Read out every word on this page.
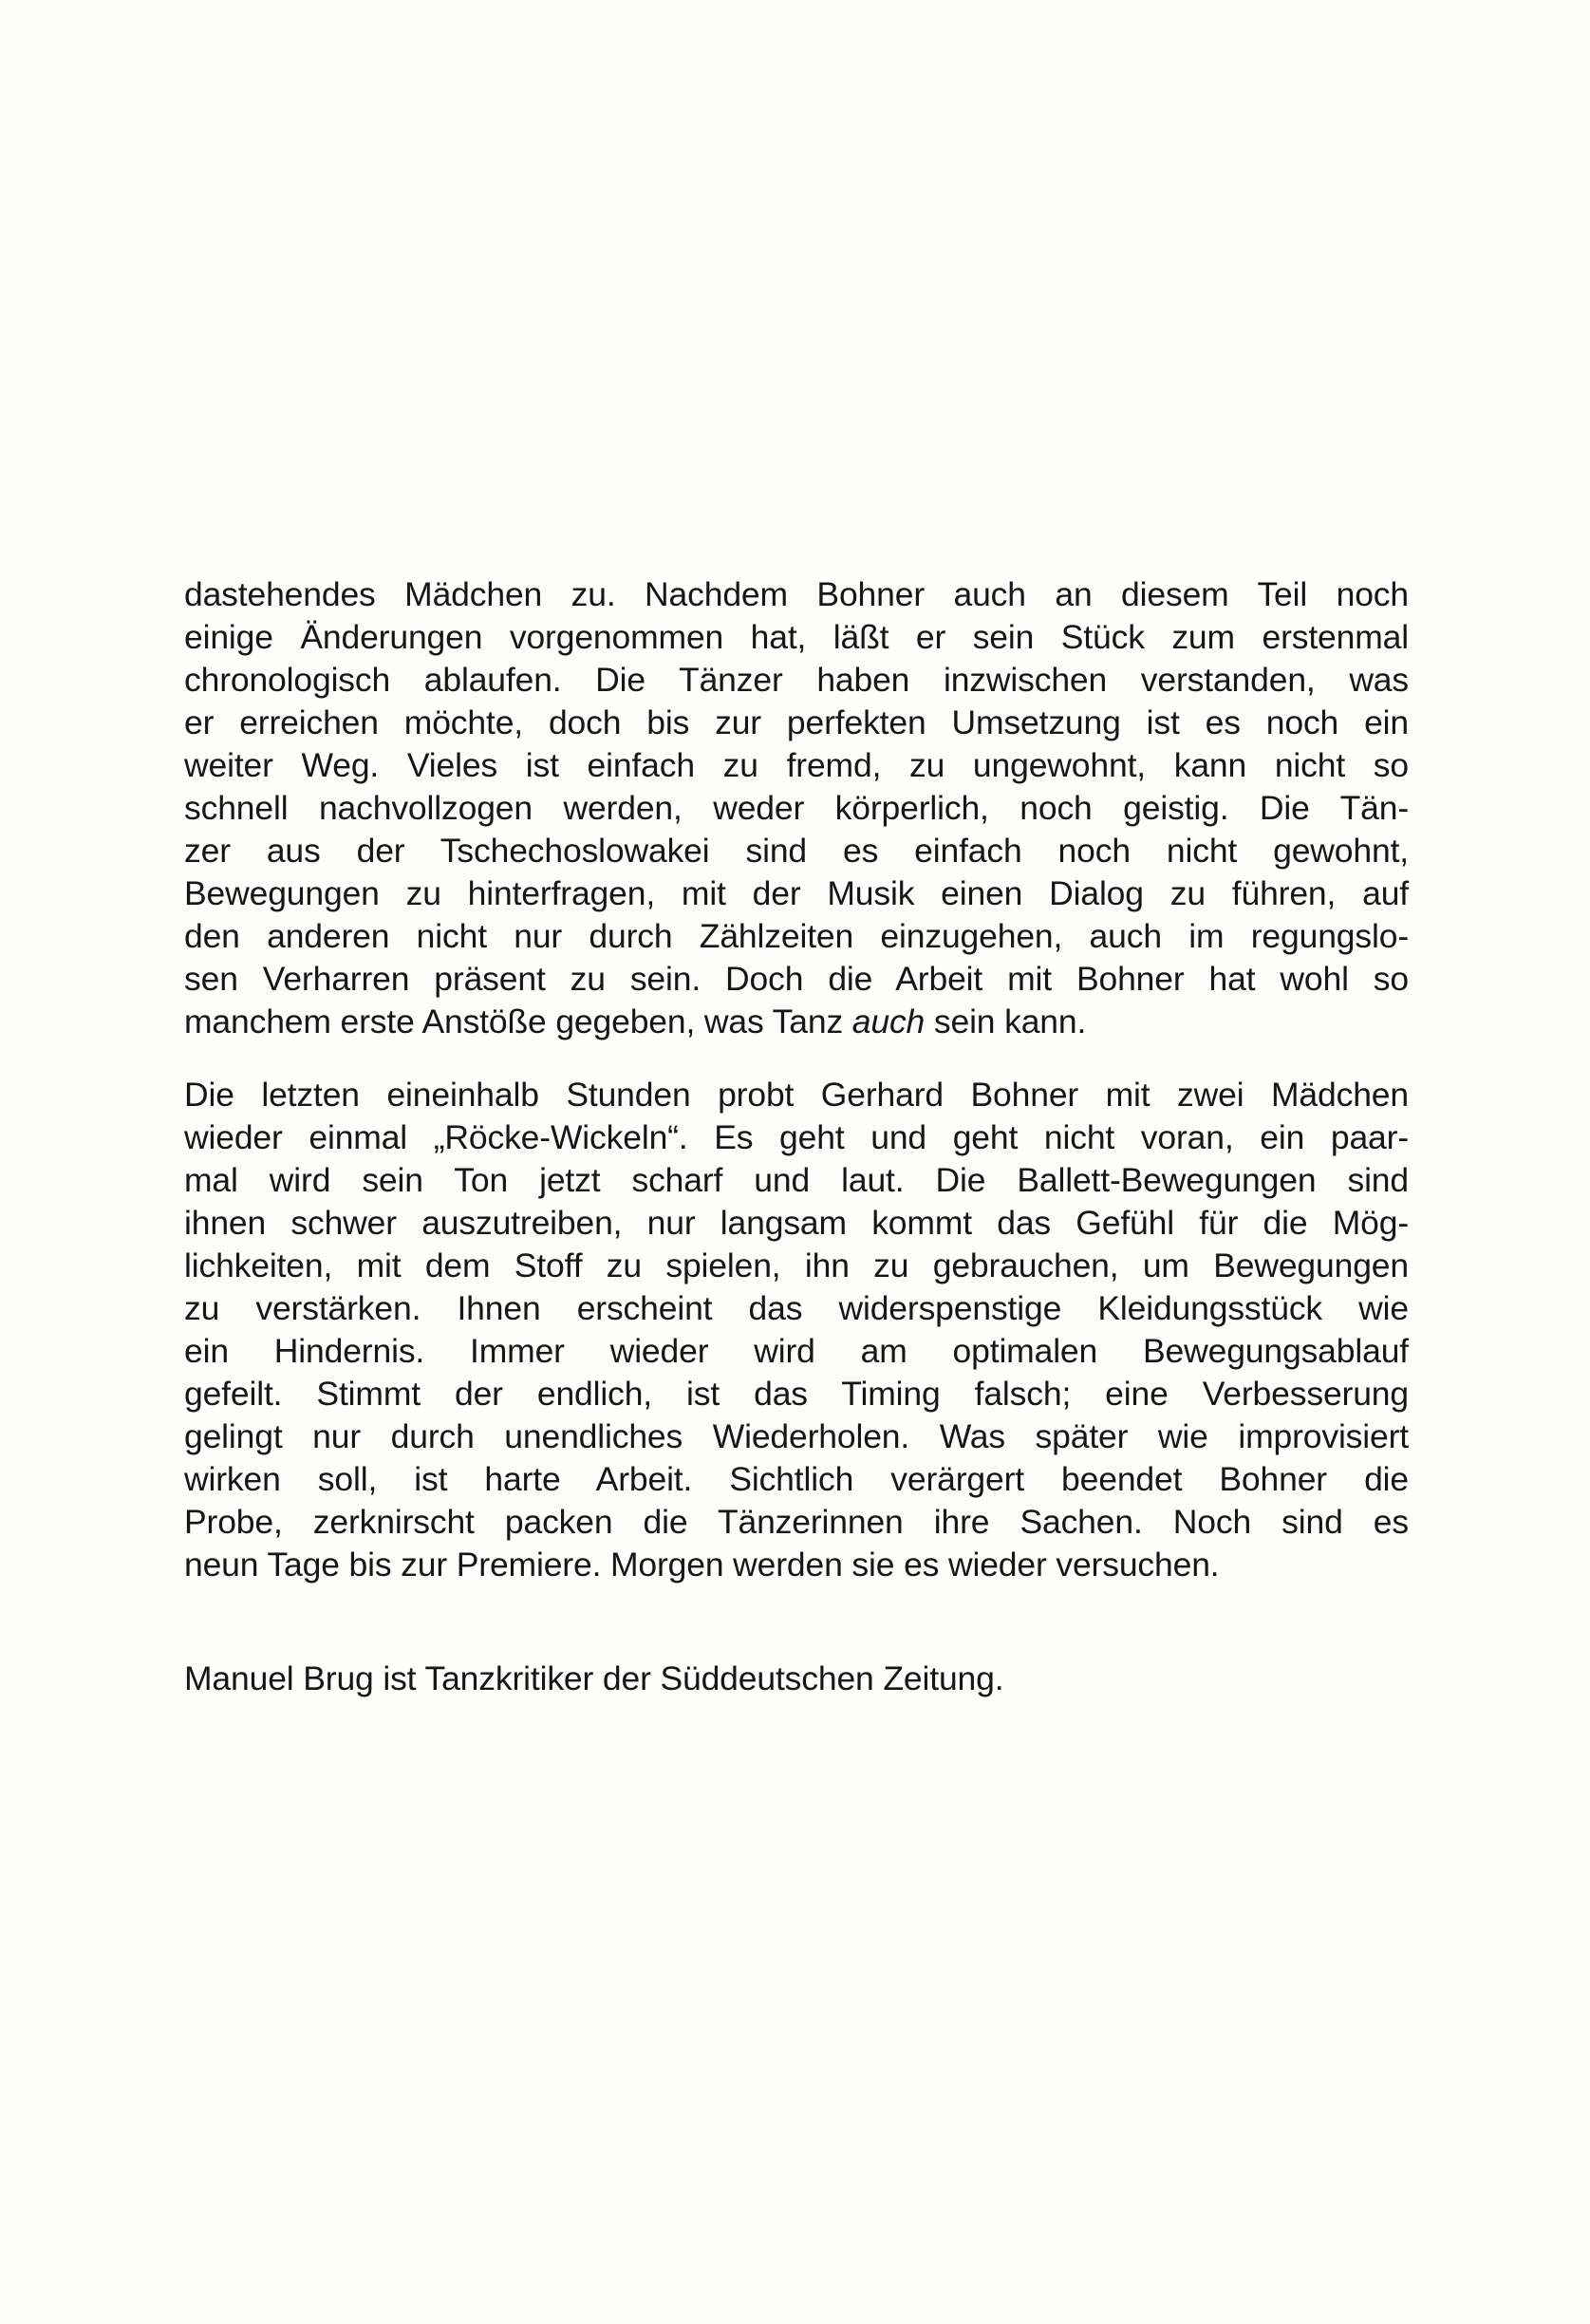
dastehendes Mädchen zu. Nachdem Bohner auch an diesem Teil noch
einige Änderungen vorgenommen hat, läßt er sein Stück zum erstenmal
chronologisch ablaufen. Die Tänzer haben inzwischen verstanden, was
er erreichen möchte, doch bis zur perfekten Umsetzung ist es noch ein
weiter Weg. Vieles ist einfach zu fremd, zu ungewohnt, kann nicht so
schnell nachvollzogen werden, weder körperlich, noch geistig. Die Tän-
zer aus der Tschechoslowakei sind es einfach noch nicht gewohnt,
Bewegungen zu hinterfragen, mit der Musik einen Dialog zu führen, auf
den anderen nicht nur durch Zählzeiten einzugehen, auch im regungslo-
sen Verharren präsent zu sein. Doch die Arbeit mit Bohner hat wohl so
manchem erste Anstöße gegeben, was Tanz auch sein kann.
Die letzten eineinhalb Stunden probt Gerhard Bohner mit zwei Mädchen
wieder einmal „Röcke-Wickeln“. Es geht und geht nicht voran, ein paar-
mal wird sein Ton jetzt scharf und laut. Die Ballett-Bewegungen sind
ihnen schwer auszutreiben, nur langsam kommt das Gefühl für die Mög-
lichkeiten, mit dem Stoff zu spielen, ihn zu gebrauchen, um Bewegungen
zu verstärken. Ihnen erscheint das widerspenstige Kleidungsstück wie
ein Hindernis. Immer wieder wird am optimalen Bewegungsablauf
gefeilt. Stimmt der endlich, ist das Timing falsch; eine Verbesserung
gelingt nur durch unendliches Wiederholen. Was später wie improvisiert
wirken soll, ist harte Arbeit. Sichtlich verärgert beendet Bohner die
Probe, zerknirscht packen die Tänzerinnen ihre Sachen. Noch sind es
neun Tage bis zur Premiere. Morgen werden sie es wieder versuchen.
Manuel Brug ist Tanzkritiker der Süddeutschen Zeitung.
